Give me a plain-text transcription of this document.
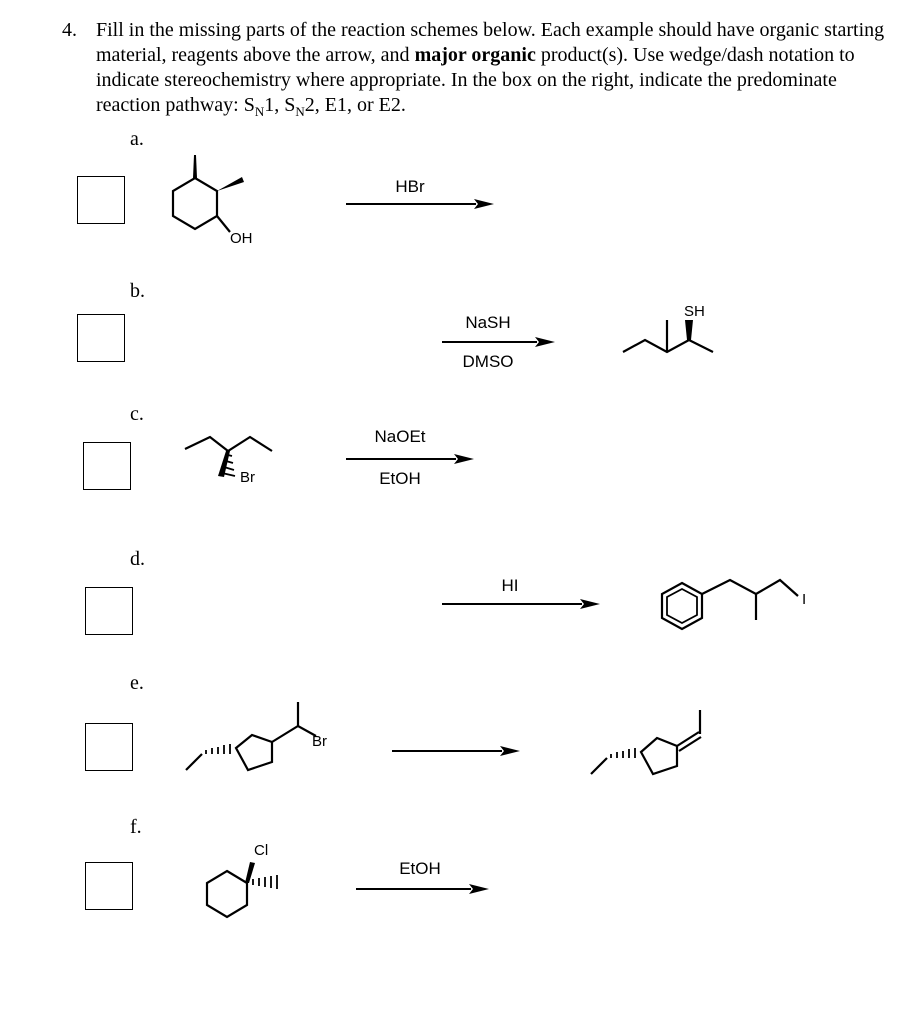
4. Fill in the missing parts of the reaction schemes below. Each example should have organic starting material, reagents above the arrow, and major organic product(s). Use wedge/dash notation to indicate stereochemistry where appropriate. In the box on the right, indicate the predominate reaction pathway: $S_N1$, $S_N2$, E1, or E2.
a.
OH
HBr
b.
NaSH
DMSO
SH
c.
Br
NaOEt
EtOH
d.
HI
I
e.
Br
f.
Cl
EtOH
